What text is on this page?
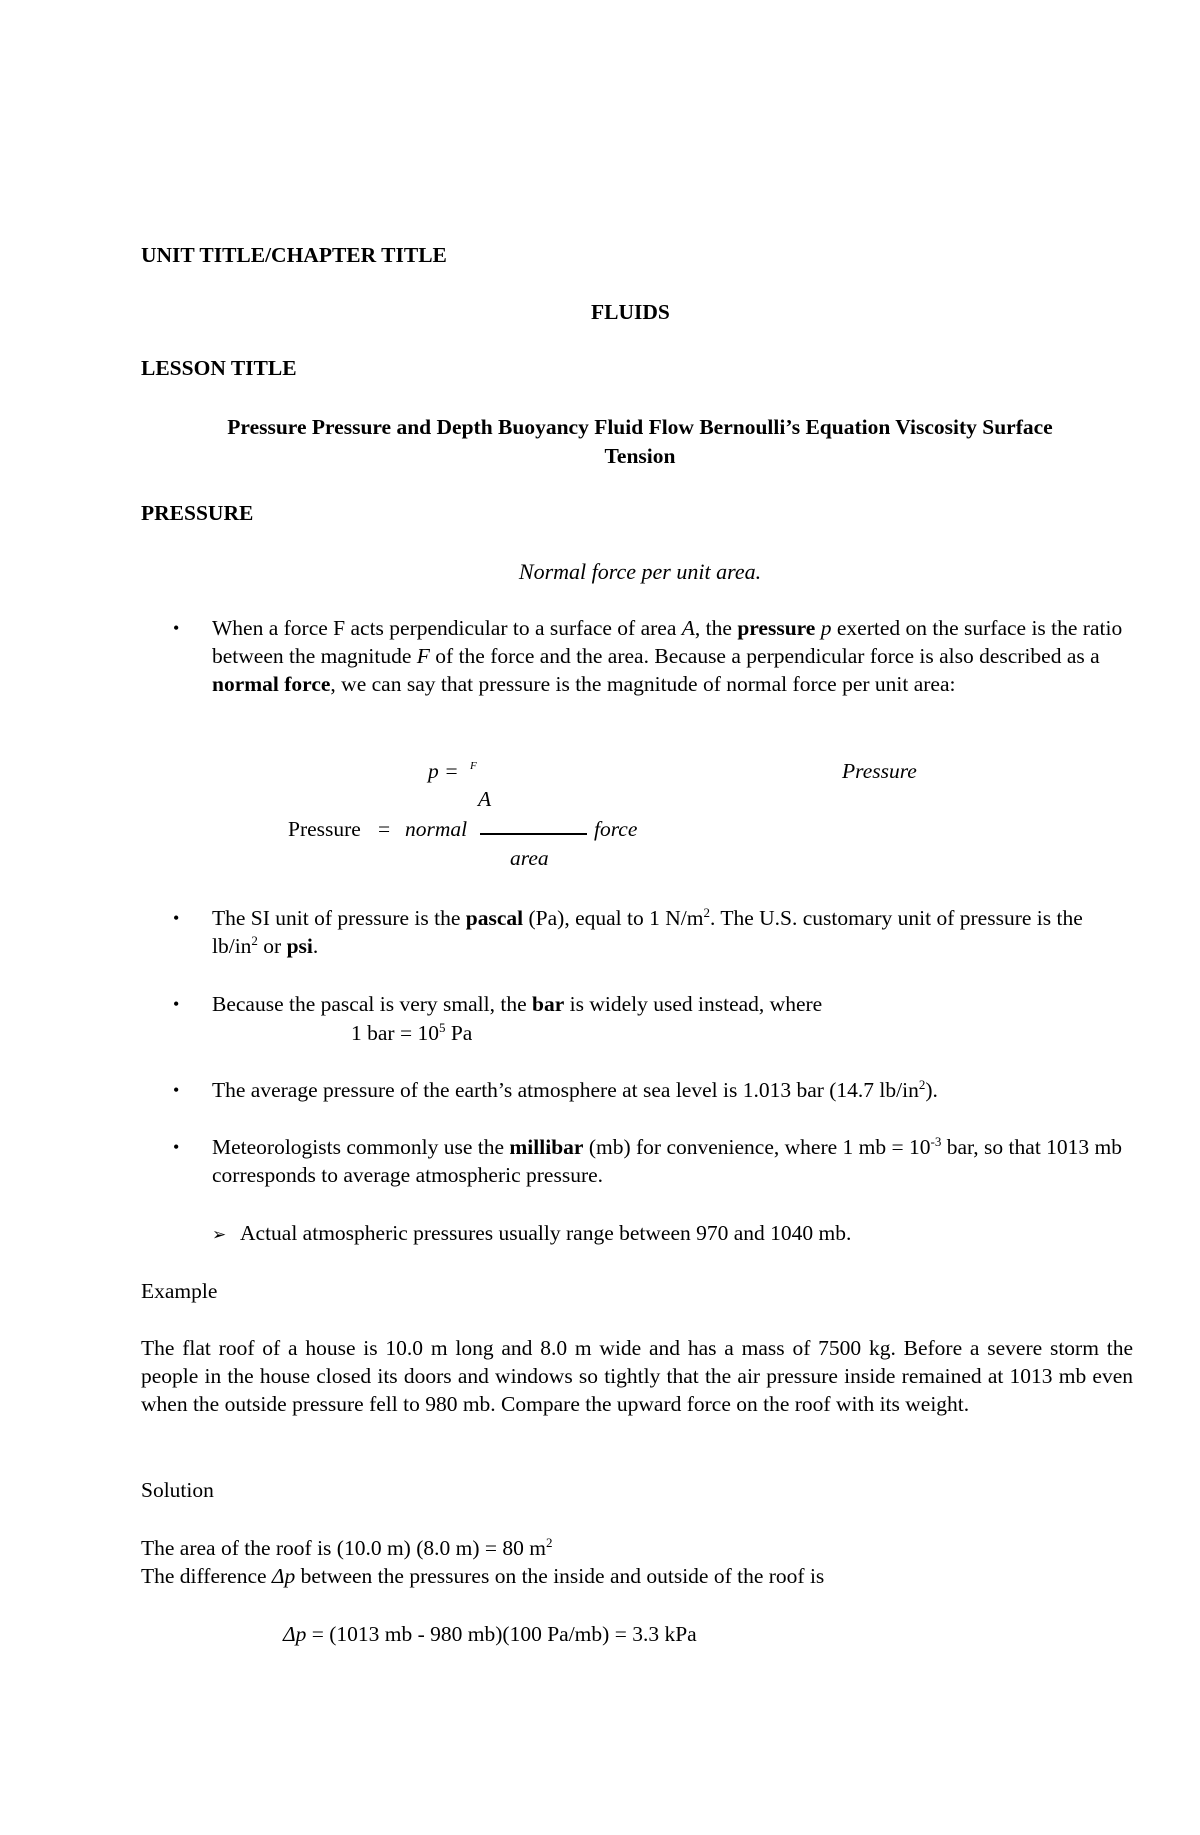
UNIT TITLE/CHAPTER TITLE
FLUIDS
LESSON TITLE
Pressure Pressure and Depth Buoyancy Fluid Flow Bernoulli’s Equation Viscosity Surface
Tension
PRESSURE
Normal force per unit area.
• When a force F acts perpendicular to a surface of area A, the pressure p exerted on the surface is the ratio between the magnitude F of the force and the area. Because a perpendicular force is also described as a normal force, we can say that pressure is the magnitude of normal force per unit area:
p = F
A
Pressure
Pressure = normal	force
area
• The SI unit of pressure is the pascal (Pa), equal to 1 $N/m^2$. The U.S. customary unit of pressure is the $lb/in^2$ or psi.
• Because the pascal is very small, the bar is widely used instead, where
1 bar = $10^5$ Pa
• The average pressure of the earth’s atmosphere at sea level is 1.013 bar (14.7 $lb/in^2$).
• Meteorologists commonly use the millibar (mb) for convenience, where 1 mb = $10^{-3}$ bar, so that 1013 mb corresponds to average atmospheric pressure.
➢ Actual atmospheric pressures usually range between 970 and 1040 mb.
Example
The flat roof of a house is 10.0 m long and 8.0 m wide and has a mass of 7500 kg. Before a severe storm the people in the house closed its doors and windows so tightly that the air pressure inside remained at 1013 mb even when the outside pressure fell to 980 mb. Compare the upward force on the roof with its weight.
Solution
The area of the roof is (10.0 m) (8.0 m) = 80 $m^2$
The difference Δp between the pressures on the inside and outside of the roof is
Δp = (1013 mb - 980 mb)(100 Pa/mb) = 3.3 kPa
